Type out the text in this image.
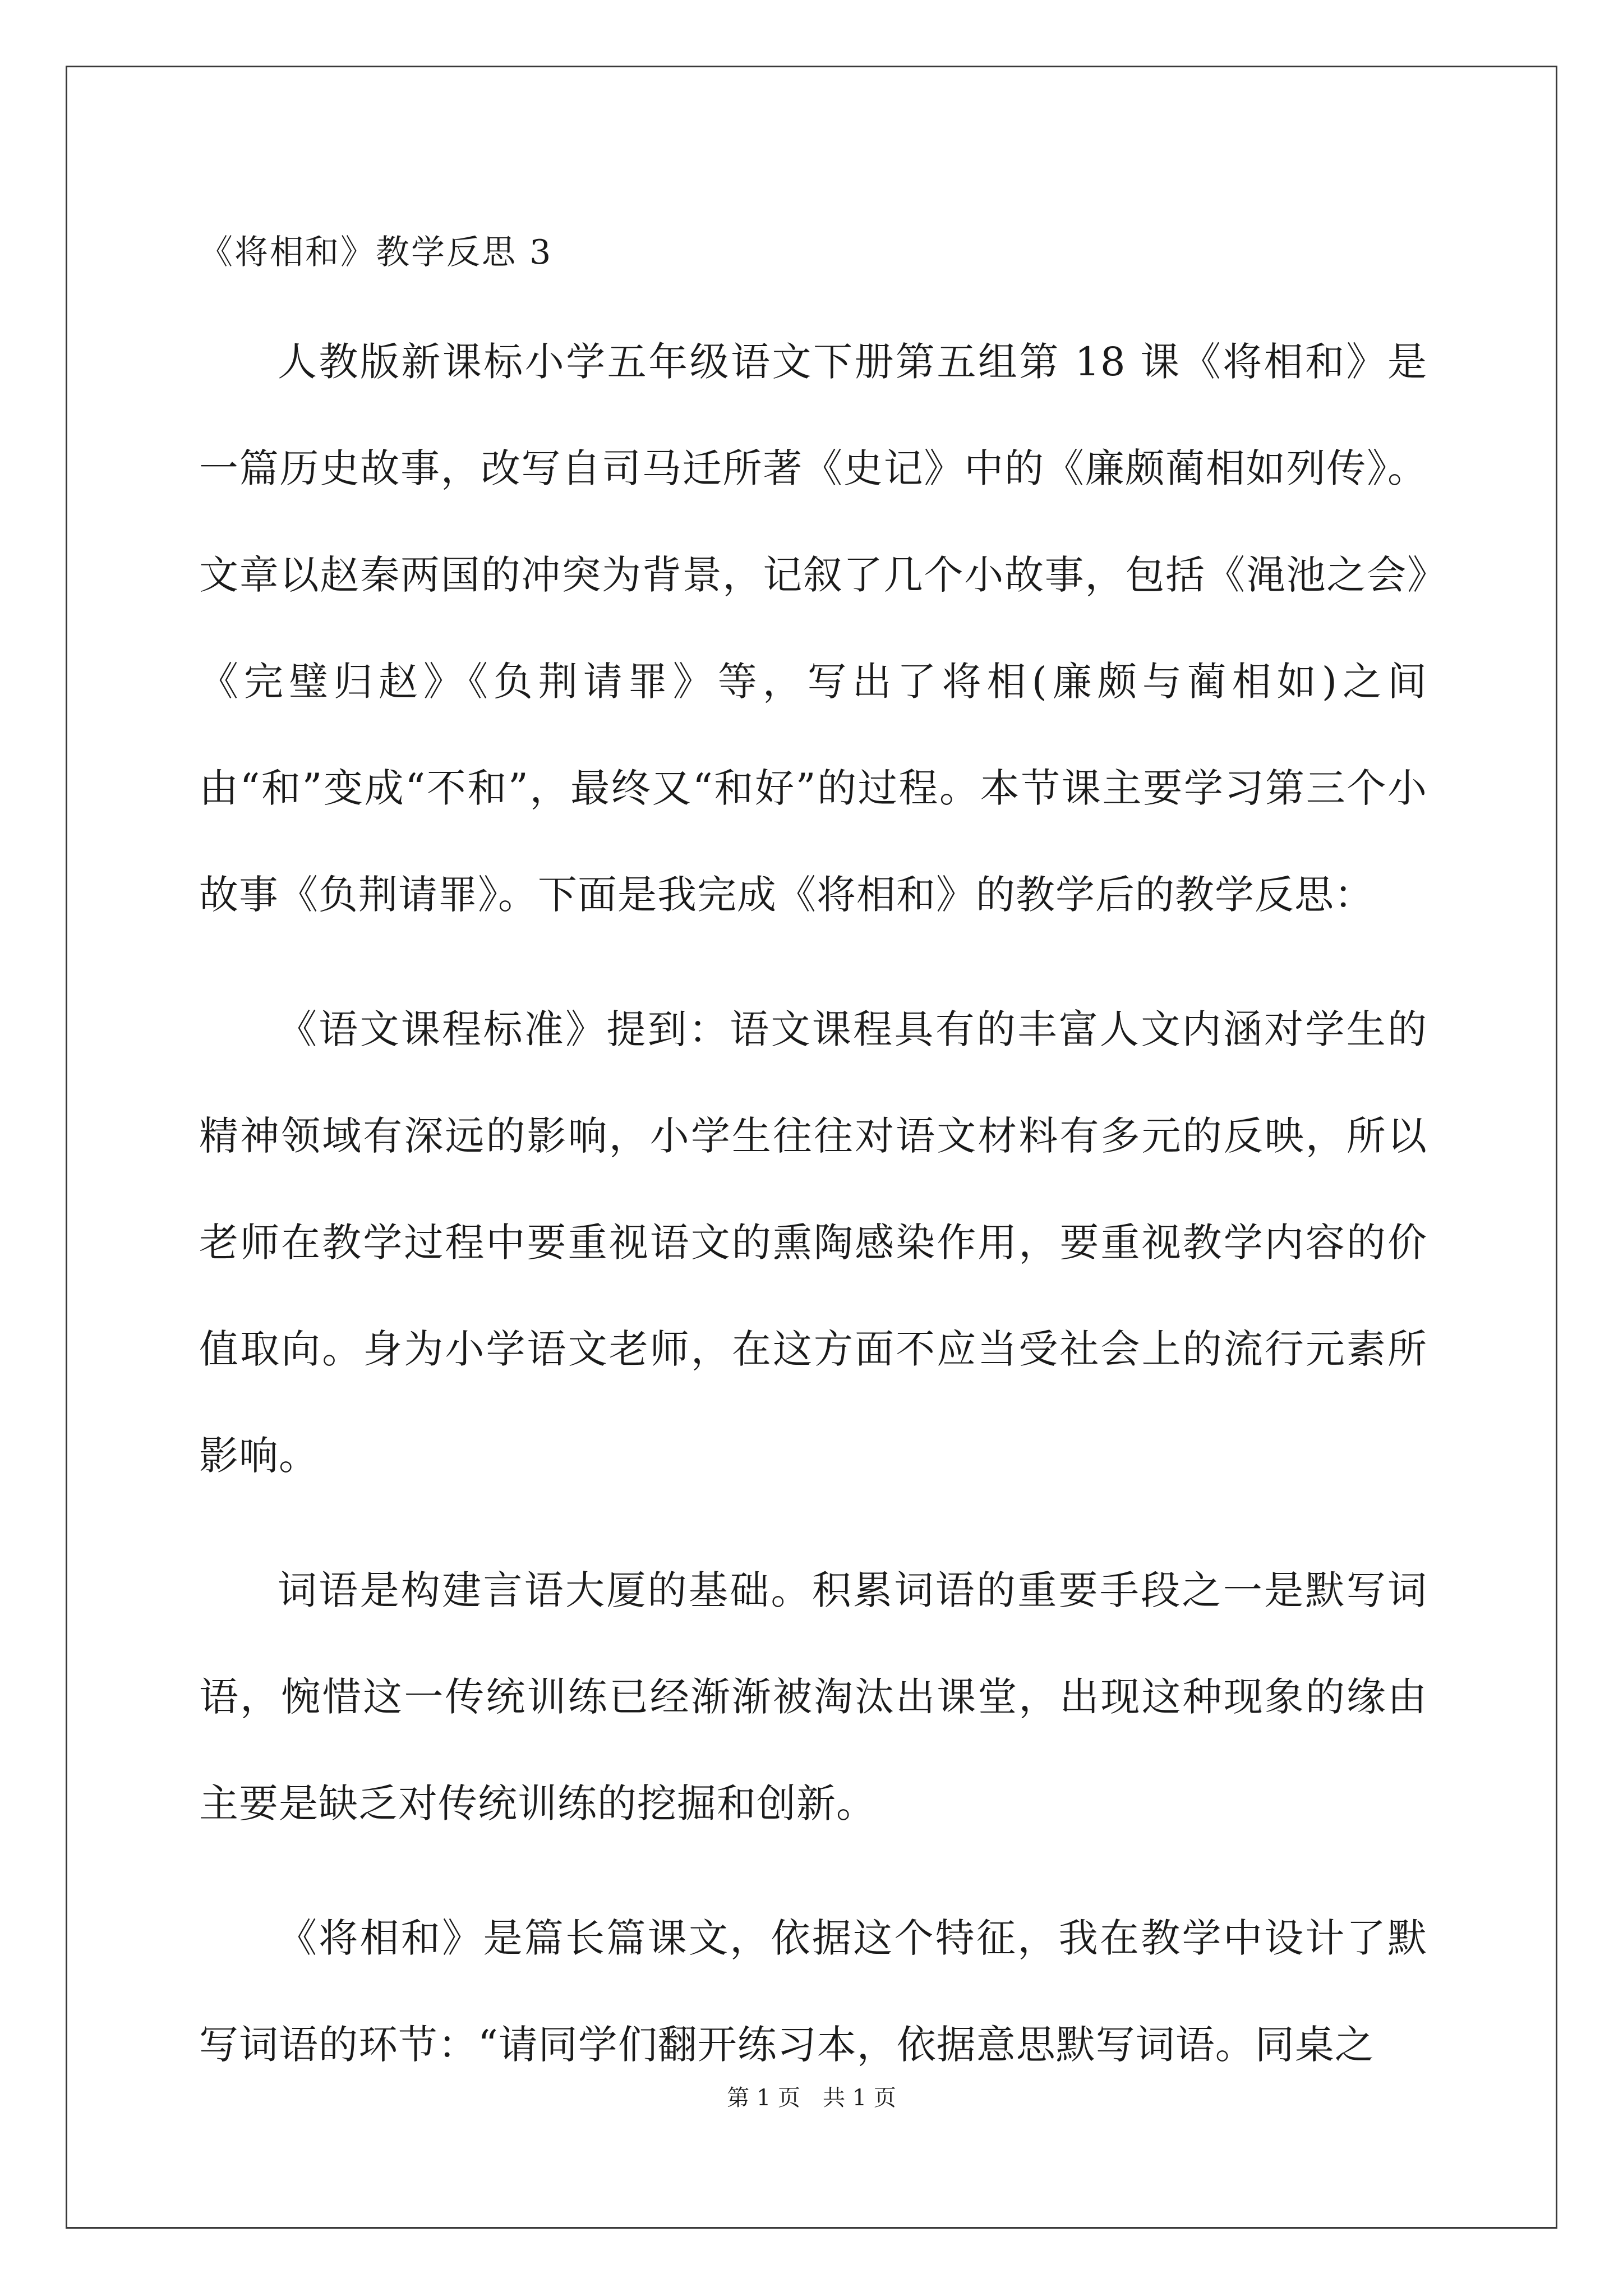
《将相和》教学反思 3

人教版新课标小学五年级语文下册第五组第 18 课《将相和》是一篇历史故事，改写自司马迁所著《史记》中的《廉颇蔺相如列传》。文章以赵秦两国的冲突为背景，记叙了几个小故事，包括《渑池之会》《完璧归赵》《负荆请罪》等，写出了将相(廉颇与蔺相如)之间由“和”变成“不和”，最终又“和好”的过程。本节课主要学习第三个小故事《负荆请罪》。下面是我完成《将相和》的教学后的教学反思：

《语文课程标准》提到：语文课程具有的丰富人文内涵对学生的精神领域有深远的影响，小学生往往对语文材料有多元的反映，所以老师在教学过程中要重视语文的熏陶感染作用，要重视教学内容的价值取向。身为小学语文老师，在这方面不应当受社会上的流行元素所影响。

词语是构建言语大厦的基础。积累词语的重要手段之一是默写词语，惋惜这一传统训练已经渐渐被淘汰出课堂，出现这种现象的缘由主要是缺乏对传统训练的挖掘和创新。

《将相和》是篇长篇课文，依据这个特征，我在教学中设计了默写词语的环节：“请同学们翻开练习本，依据意思默写词语。同桌之

第 1 页 共 1 页
